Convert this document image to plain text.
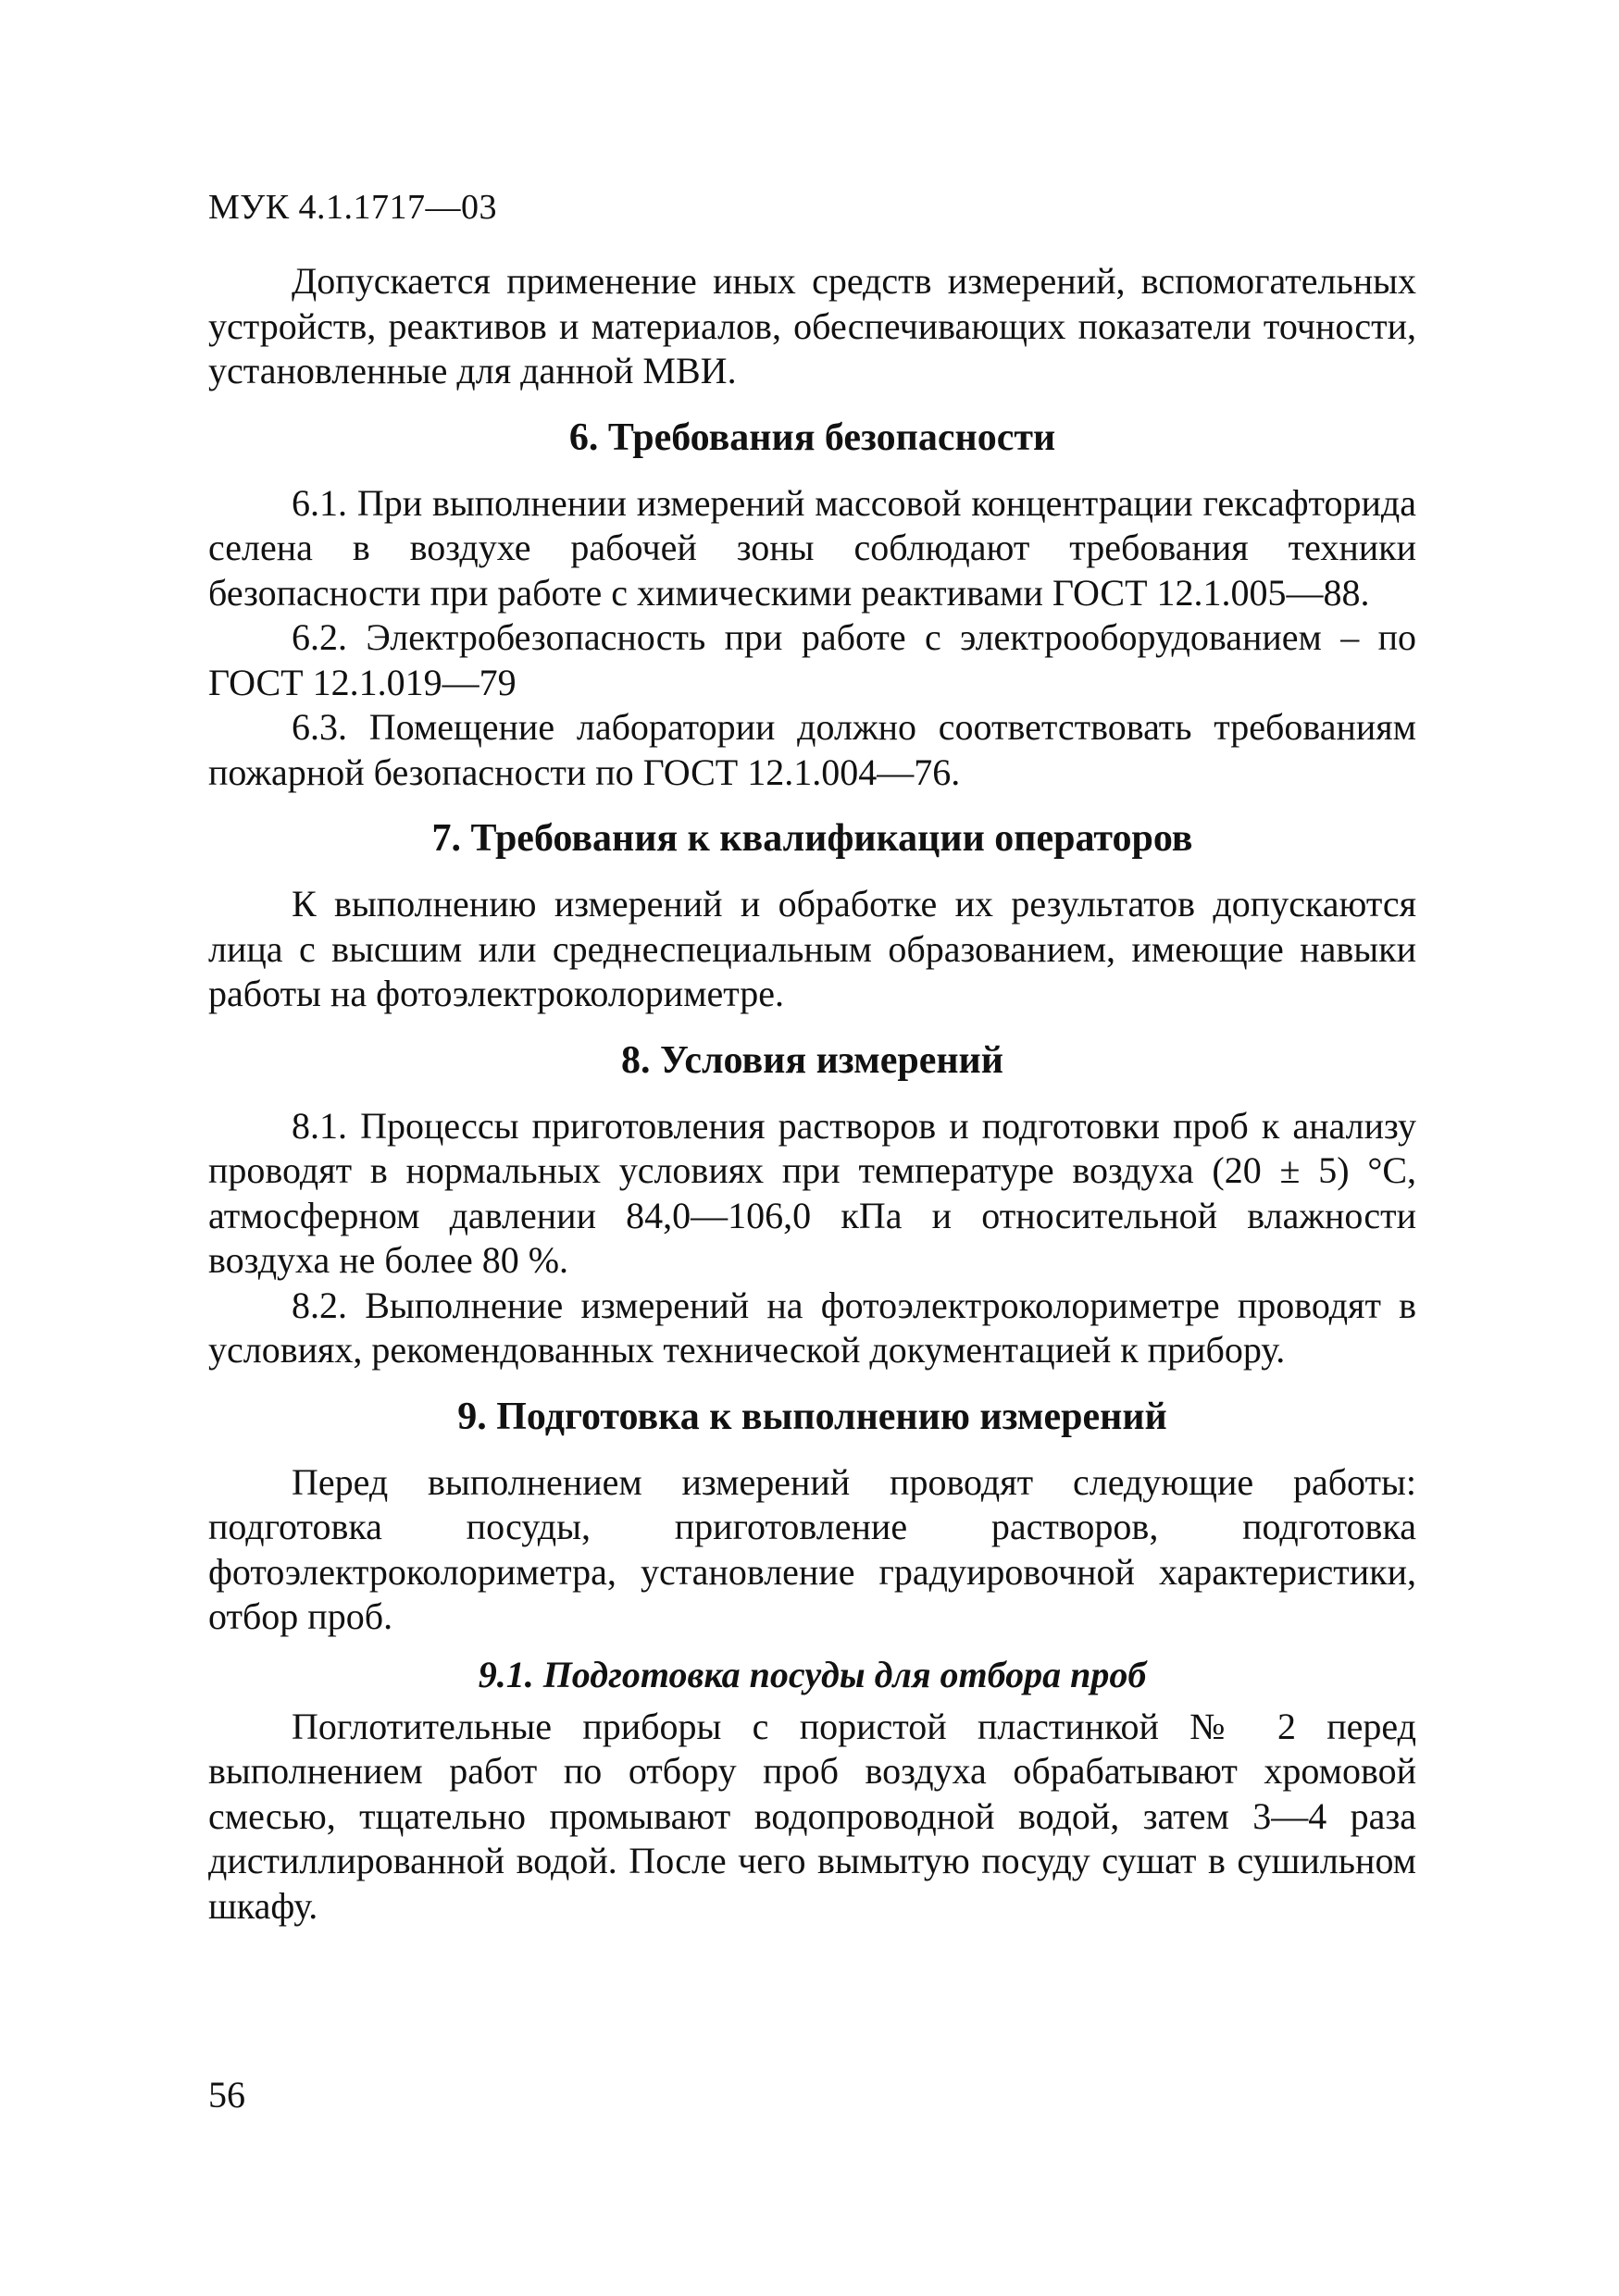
МУК 4.1.1717—03

Допускается применение иных средств измерений, вспомогательных устройств, реактивов и материалов, обеспечивающих показатели точности, установленные для данной МВИ.

6. Требования безопасности

6.1. При выполнении измерений массовой концентрации гексафторида селена в воздухе рабочей зоны соблюдают требования техники безопасности при работе с химическими реактивами ГОСТ 12.1.005—88.

6.2. Электробезопасность при работе с электрооборудованием – по ГОСТ 12.1.019—79

6.3. Помещение лаборатории должно соответствовать требованиям пожарной безопасности по ГОСТ 12.1.004—76.

7. Требования к квалификации операторов

К выполнению измерений и обработке их результатов допускаются лица с высшим или среднеспециальным образованием, имеющие навыки работы на фотоэлектроколориметре.

8. Условия измерений

8.1. Процессы приготовления растворов и подготовки проб к анализу проводят в нормальных условиях при температуре воздуха (20 ± 5) °С, атмосферном давлении 84,0—106,0 кПа и относительной влажности воздуха не более 80 %.

8.2. Выполнение измерений на фотоэлектроколориметре проводят в условиях, рекомендованных технической документацией к прибору.

9. Подготовка к выполнению измерений

Перед выполнением измерений проводят следующие работы: подготовка посуды, приготовление растворов, подготовка фотоэлектроколориметра, установление градуировочной характеристики, отбор проб.

9.1. Подготовка посуды для отбора проб

Поглотительные приборы с пористой пластинкой № 2 перед выполнением работ по отбору проб воздуха обрабатывают хромовой смесью, тщательно промывают водопроводной водой, затем 3—4 раза дистиллированной водой. После чего вымытую посуду сушат в сушильном шкафу.

56
